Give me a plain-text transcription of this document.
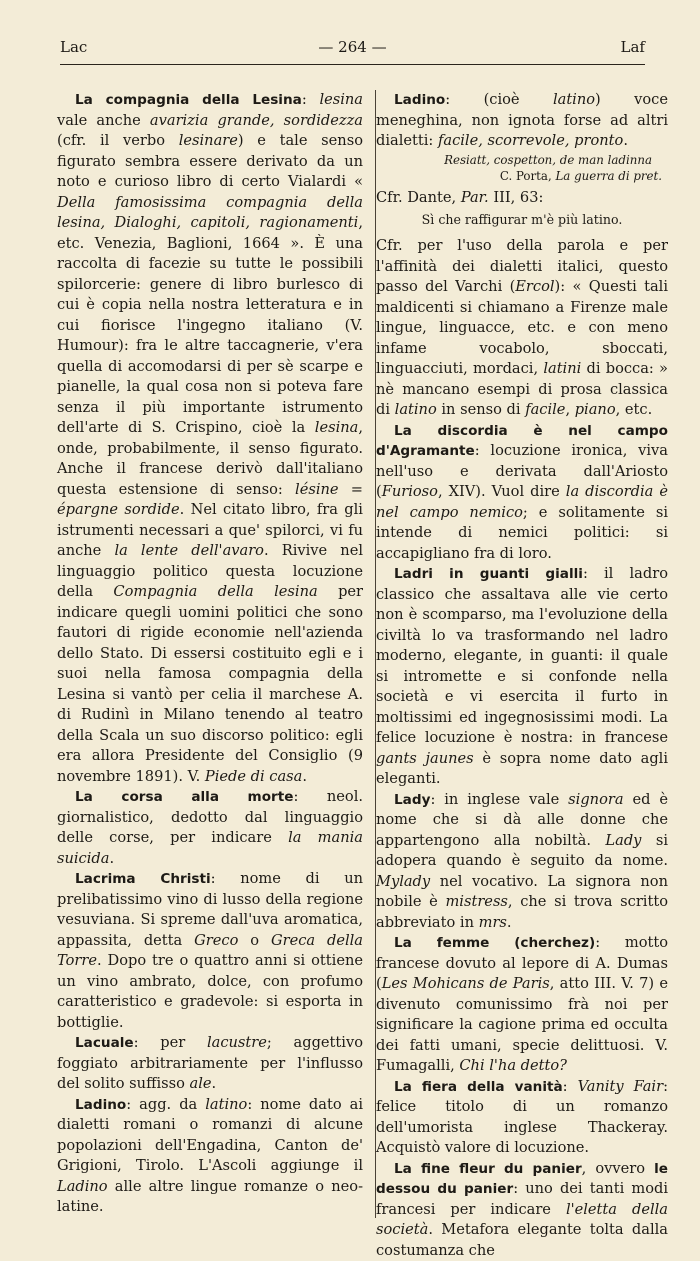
Lac	— 264 —	Laf

La compagnia della Lesina: lesina vale anche avarizia grande, sordidezza (cfr. il verbo lesinare) e tale senso figurato sembra essere derivato da un noto e curioso libro di certo Vialardi « Della famosissima compagnia della lesina, Dialoghi, capitoli, ragionamenti, etc. Venezia, Baglioni, 1664 ». È una raccolta di facezie su tutte le possibili spilorcerie: genere di libro burlesco di cui è copia nella nostra letteratura e in cui fiorisce l'ingegno italiano (V. Humour): fra le altre taccagnerie, v'era quella di accomodarsi di per sè scarpe e pianelle, la qual cosa non si poteva fare senza il più importante istrumento dell'arte di S. Crispino, cioè la lesina, onde, probabilmente, il senso figurato. Anche il francese derivò dall'italiano questa estensione di senso: lésine = épargne sordide. Nel citato libro, fra gli istrumenti necessari a que' spilorci, vi fu anche la lente dell'avaro. Rivive nel linguaggio politico questa locuzione della Compagnia della lesina per indicare quegli uomini politici che sono fautori di rigide economie nell'azienda dello Stato. Di essersi costituito egli e i suoi nella famosa compagnia della Lesina si vantò per celia il marchese A. di Rudinì in Milano tenendo al teatro della Scala un suo discorso politico: egli era allora Presidente del Consiglio (9 novembre 1891). V. Piede di casa.

La corsa alla morte: neol. giornalistico, dedotto dal linguaggio delle corse, per indicare la mania suicida.

Lacrima Christi: nome di un prelibatissimo vino di lusso della regione vesuviana. Si spreme dall'uva aromatica, appassita, detta Greco o Greca della Torre. Dopo tre o quattro anni si ottiene un vino ambrato, dolce, con profumo caratteristico e gradevole: si esporta in bottiglie.

Lacuale: per lacustre; aggettivo foggiato arbitrariamente per l'influsso del solito suffisso ale.

Ladino: agg. da latino: nome dato ai dialetti romani o romanzi di alcune popolazioni dell'Engadina, Canton de' Grigioni, Tirolo. L'Ascoli aggiunge il Ladino alle altre lingue romanze o neo-latine.

Ladino: (cioè latino) voce meneghina, non ignota forse ad altri dialetti: facile, scorrevole, pronto.

Resiatt, cospetton, de man ladinna

C. Porta, La guerra di pret.

Cfr. Dante, Par. III, 63:

Sì che raffigurar m'è più latino.

Cfr. per l'uso della parola e per l'affinità dei dialetti italici, questo passo del Varchi (Ercol): « Questi tali maldicenti si chiamano a Firenze male lingue, linguacce, etc. e con meno infame vocabolo, sboccati, linguacciuti, mordaci, latini di bocca: » nè mancano esempi di prosa classica di latino in senso di facile, piano, etc.

La discordia è nel campo d'Agramante: locuzione ironica, viva nell'uso e derivata dall'Ariosto (Furioso, XIV). Vuol dire la discordia è nel campo nemico; e solitamente si intende di nemici politici: si accapigliano fra di loro.

Ladri in guanti gialli: il ladro classico che assaltava alle vie certo non è scomparso, ma l'evoluzione della civiltà lo va trasformando nel ladro moderno, elegante, in guanti: il quale si intromette e si confonde nella società e vi esercita il furto in moltissimi ed ingegnosissimi modi. La felice locuzione è nostra: in francese gants jaunes è sopra nome dato agli eleganti.

Lady: in inglese vale signora ed è nome che si dà alle donne che appartengono alla nobiltà. Lady si adopera quando è seguito da nome. Mylady nel vocativo. La signora non nobile è mistress, che si trova scritto abbreviato in mrs.

La femme (cherchez): motto francese dovuto al lepore di A. Dumas (Les Mohicans de Paris, atto III. V. 7) e divenuto comunissimo frà noi per significare la cagione prima ed occulta dei fatti umani, specie delittuosi. V. Fumagalli, Chi l'ha detto?

La fiera della vanità: Vanity Fair: felice titolo di un romanzo dell'umorista inglese Thackeray. Acquistò valore di locuzione.

La fine fleur du panier, ovvero le dessou du panier: uno dei tanti modi francesi per indicare l'eletta della società. Metafora elegante tolta dalla costumanza che
